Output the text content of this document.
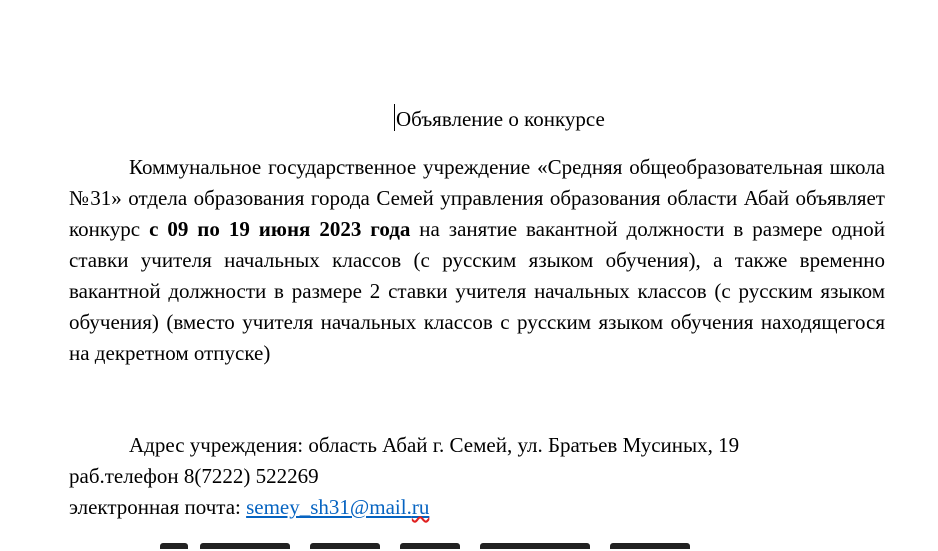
Объявление о конкурсе

Коммунальное государственное учреждение «Средняя общеобразовательная школа №31» отдела образования города Семей управления образования области Абай объявляет конкурс с 09 по 19 июня 2023 года на занятие вакантной должности в размере одной ставки учителя начальных классов (с русским языком обучения), а также временно вакантной должности в размере 2 ставки учителя начальных классов (с русским языком обучения) (вместо учителя начальных классов с русским языком обучения находящегося на декретном отпуске)

Адрес учреждения: область Абай г. Семей, ул. Братьев Мусиных, 19
раб.телефон 8(7222) 522269
электронная почта: semey_sh31@mail.ru
